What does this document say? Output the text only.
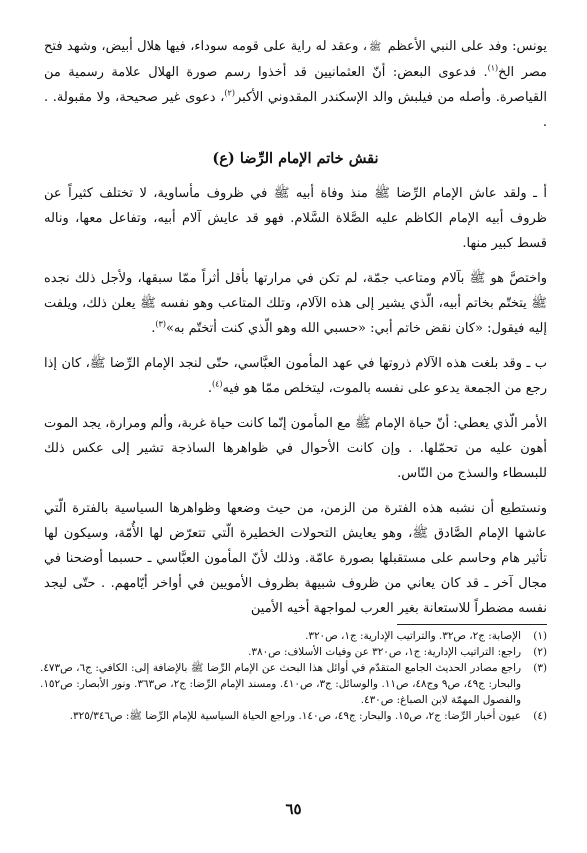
يونس: وفد على النبي الأعظم ﷺ، وعقد له راية على قومه سوداء، فيها هلال أبيض، وشهد فتح مصر الخ$^{(١)}$. فدعوى البعض: أنّ العثمانيين قد أخذوا رسم صورة الهلال علامة رسمية من القياصرة. وأصله من فيلبش والد الإسكندر المقدوني الأكبر$^{(٢)}$، دعوى غير صحيحة، ولا مقبولة. . .

نقش خاتم الإمام الرِّضا (ع)

أ ـ ولقد عاش الإمام الرِّضا ﷺ منذ وفاة أبيه ﷺ في ظروف مأساوية، لا تختلف كثيراً عن ظروف أبيه الإمام الكاظم عليه الصَّلاة السَّلام. فهو قد عايش آلام أبيه، وتفاعل معها، وناله قسط كبير منها.

واختصَّ هو ﷺ بآلام ومتاعب جمّة، لم تكن في مرارتها بأقل أثراً ممّا سبقها، ولأجل ذلك نجده ﷺ يتختّم بخاتم أبيه، الّذي يشير إلى هذه الآلام، وتلك المتاعب وهو نفسه ﷺ يعلن ذلك، ويلفت إليه فيقول: «كان نقض خاتم أبي: «حسبي الله وهو الّذي كنت أتختّم به»$^{(٣)}$.

ب ـ وقد بلغت هذه الآلام ذروتها في عهد المأمون العبَّاسي، حتّى لنجد الإمام الرِّضا ﷺ، كان إذا رجع من الجمعة يدعو على نفسه بالموت، ليتخلص ممّا هو فيه$^{(٤)}$.

الأمر الّذي يعطي: أنّ حياة الإمام ﷺ مع المأمون إنّما كانت حياة غربة، وألم ومرارة، يجد الموت أهون عليه من تحمّلها. . وإن كانت الأحوال في ظواهرها الساذجة تشير إلى عكس ذلك للبسطاء والسذج من النّاس.

ونستطيع أن نشبه هذه الفترة من الزمن، من حيث وضعها وظواهرها السياسية بالفترة الّتي عاشها الإمام الصَّادق ﷺ، وهو يعايش التحولات الخطيرة الّتي تتعرّض لها الأُمّة، وسيكون لها تأثير هام وحاسم على مستقبلها بصورة عامّة. وذلك لأنّ المأمون العبَّاسي ـ حسبما أوضحنا في مجال آخر ـ قد كان يعاني من ظروف شبيهة بظروف الأمويين في أواخر أيّامهم. . حتّى ليجد نفسه مضطراً للاستعانة بغير العرب لمواجهة أخيه الأمين

(١)
الإصابة: ج٢، ص٣٢. والتراتيب الإدارية: ج١، ص٣٢٠.
(٢)
راجع: التراتيب الإدارية: ج١، ص٣٢٠ عن وفيات الأسلاف: ص٣٨٠.
(٣)
راجع مصادر الحديث الجامع المتقدّم في أوائل هذا البحث عن الإمام الرِّضا ﷺ بالإضافة إلى: الكافي: ج٦، ص٤٧٣. والبحار: ج٤٩، ص٩ وج٤٨، ص١١. والوسائل: ج٣، ص٤١٠. ومسند الإمام الرِّضا: ج٢، ص٣٦٣. ونور الأبصار: ص١٥٢. والفصول المهمّة لابن الصباغ: ص٤٣٠.
(٤)
عيون أخبار الرِّضا: ج٢، ص١٥. والبحار: ج٤٩، ص١٤٠. وراجع الحياة السياسية للإمام الرِّضا ﷺ: ص٣٢٥/٣٤٦.
٦٥
